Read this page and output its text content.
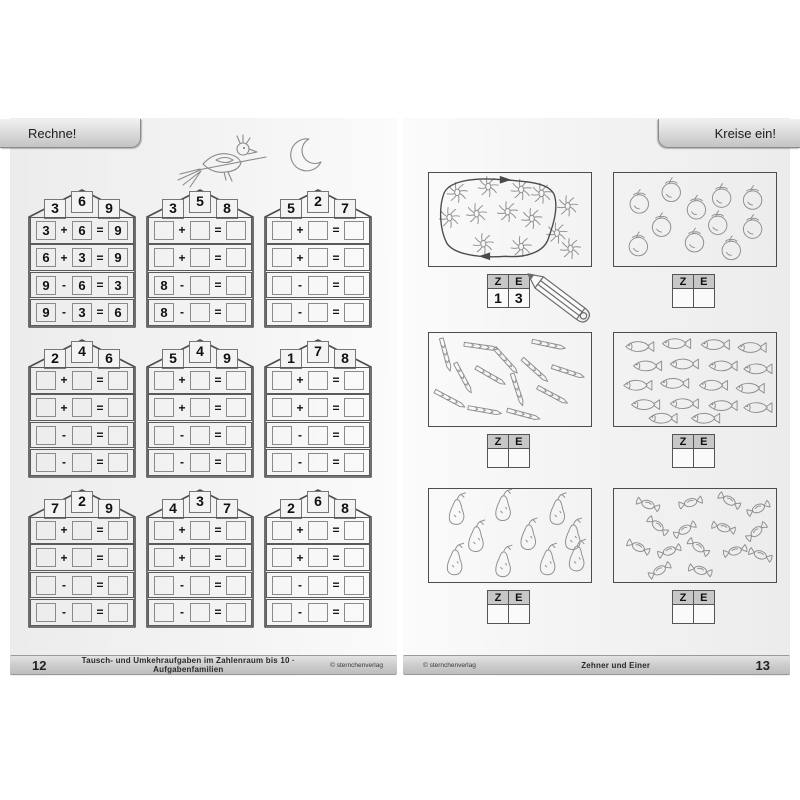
Rechne!
3	6	9
3 + 6 = 9
6 + 3 = 9
9	- 6 = 3
9	- 3 = 6
3	5	8
+ =
+ =
8	-	=
8	-	=
5	2	7
+ =
+ =
-	=
-	=
2	4	6
+ =
+ =
-	=
-	=
5	4	9
+ =
+ =
-	=
-	=
1	7	8
+ =
+ =
-	=
-	=
7	2	9
+ =
+ =
-	=
-	=
4	3	7
+ =
+ =
-	=
-	=
2	6	8
+ =
+ =
-	=
-	=
12	Tausch- und Umkehraufgaben im Zahlenraum bis 10 · Aufgabenfamilien	© sternchenverlag
Kreise ein!
Z	E
1 3
Z	E
Z	E	Z	E
Z	E	Z	E
© sternchenverlag	Zehner und Einer	13
